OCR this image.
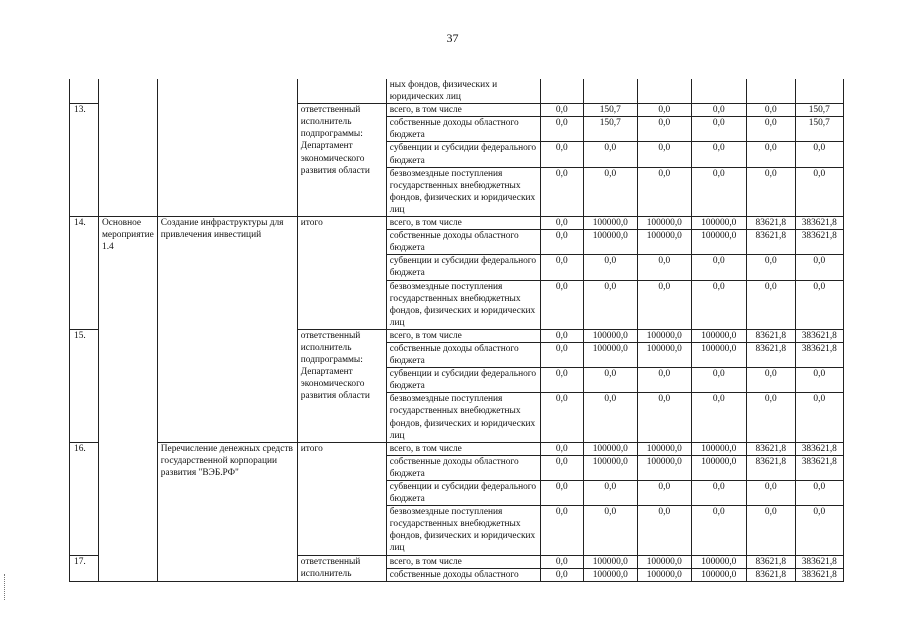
37
				ных фондов, физических и юридических лиц						
13.			ответственный исполнитель подпрограммы: Департамент экономического развития области	всего, в том числе	0,0	150,7	0,0	0,0	0,0	150,7
				собственные доходы областного бюджета	0,0	150,7	0,0	0,0	0,0	150,7
				субвенции и субсидии федерального бюджета	0,0	0,0	0,0	0,0	0,0	0,0
				безвозмездные поступления государственных внебюджетных фондов, физических и юридических лиц	0,0	0,0	0,0	0,0	0,0	0,0
14.	Основное мероприятие 1.4	Создание инфраструктуры для привлечения инвестиций	итого	всего, в том числе	0,0	100000,0	100000,0	100000,0	83621,8	383621,8
				собственные доходы областного бюджета	0,0	100000,0	100000,0	100000,0	83621,8	383621,8
				субвенции и субсидии федерального бюджета	0,0	0,0	0,0	0,0	0,0	0,0
				безвозмездные поступления государственных внебюджетных фондов, физических и юридических лиц	0,0	0,0	0,0	0,0	0,0	0,0
15.			ответственный исполнитель подпрограммы: Департамент экономического развития области	всего, в том числе	0,0	100000,0	100000,0	100000,0	83621,8	383621,8
				собственные доходы областного бюджета	0,0	100000,0	100000,0	100000,0	83621,8	383621,8
				субвенции и субсидии федерального бюджета	0,0	0,0	0,0	0,0	0,0	0,0
				безвозмездные поступления государственных внебюджетных фондов, физических и юридических лиц	0,0	0,0	0,0	0,0	0,0	0,0
16.		Перечисление денежных средств государственной корпорации развития "ВЭБ.РФ"	итого	всего, в том числе	0,0	100000,0	100000,0	100000,0	83621,8	383621,8
				собственные доходы областного бюджета	0,0	100000,0	100000,0	100000,0	83621,8	383621,8
				субвенции и субсидии федерального бюджета	0,0	0,0	0,0	0,0	0,0	0,0
				безвозмездные поступления государственных внебюджетных фондов, физических и юридических лиц	0,0	0,0	0,0	0,0	0,0	0,0
17.			ответственный исполнитель	всего, в том числе	0,0	100000,0	100000,0	100000,0	83621,8	383621,8
				собственные доходы областного	0,0	100000,0	100000,0	100000,0	83621,8	383621,8
